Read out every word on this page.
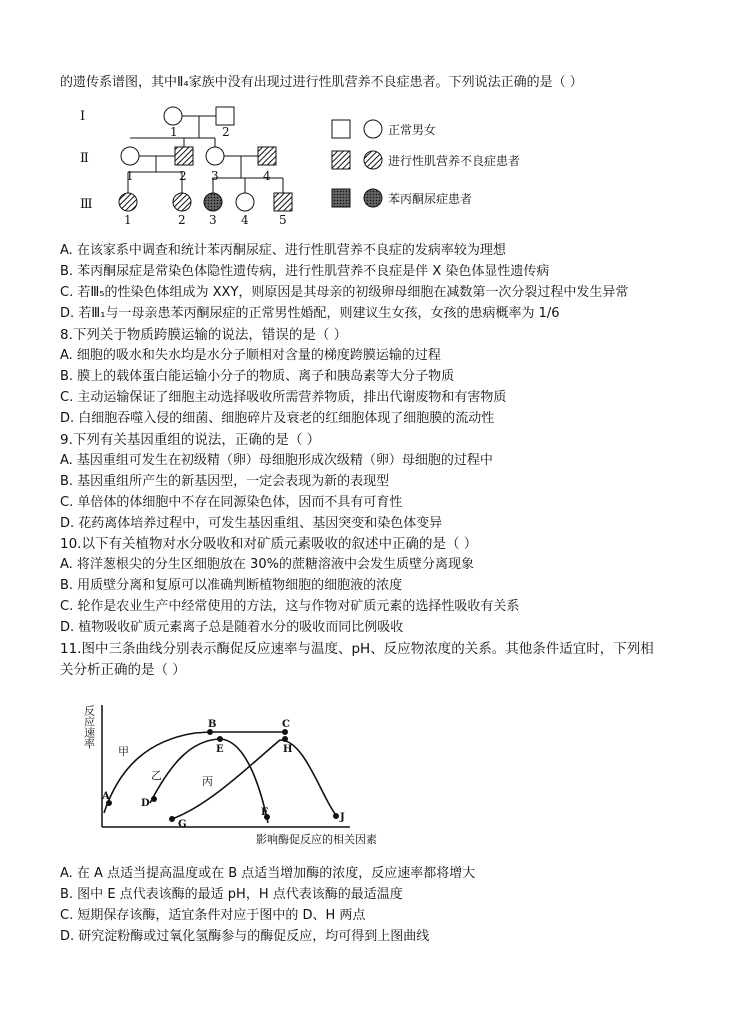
的遗传系谱图，其中Ⅱ₄家族中没有出现过进行性肌营养不良症患者。下列说法正确的是（ ）
Ⅰ
Ⅱ
Ⅲ
1	2
1	2 3	4
1	2 3 4	5
正常男女
进行性肌营养不良症患者
苯丙酮尿症患者
A. 在该家系中调查和统计苯丙酮尿症、进行性肌营养不良症的发病率较为理想
B. 苯丙酮尿症是常染色体隐性遗传病，进行性肌营养不良症是伴 X 染色体显性遗传病
C. 若Ⅲ₅的性染色体组成为 XXY，则原因是其母亲的初级卵母细胞在减数第一次分裂过程中发生异常
D. 若Ⅲ₁与一母亲患苯丙酮尿症的正常男性婚配，则建议生女孩，女孩的患病概率为 1/6
8.下列关于物质跨膜运输的说法，错误的是（ ）
A. 细胞的吸水和失水均是水分子顺相对含量的梯度跨膜运输的过程
B. 膜上的载体蛋白能运输小分子的物质、离子和胰岛素等大分子物质
C. 主动运输保证了细胞主动选择吸收所需营养物质，排出代谢废物和有害物质
D. 白细胞吞噬入侵的细菌、细胞碎片及衰老的红细胞体现了细胞膜的流动性
9.下列有关基因重组的说法，正确的是（ ）
A. 基因重组可发生在初级精（卵）母细胞形成次级精（卵）母细胞的过程中
B. 基因重组所产生的新基因型，一定会表现为新的表现型
C. 单倍体的体细胞中不存在同源染色体，因而不具有可育性
D. 花药离体培养过程中，可发生基因重组、基因突变和染色体变异
10.以下有关植物对水分吸收和对矿质元素吸收的叙述中正确的是（ ）
A. 将洋葱根尖的分生区细胞放在 30%的蔗糖溶液中会发生质壁分离现象
B. 用质壁分离和复原可以准确判断植物细胞的细胞液的浓度
C. 轮作是农业生产中经常使用的方法，这与作物对矿质元素的选择性吸收有关系
D. 植物吸收矿质元素离子总是随着水分的吸收而同比例吸收
11.图中三条曲线分别表示酶促反应速率与温度、pH、反应物浓度的关系。其他条件适宜时，下列相
关分析正确的是（ ）
反应速率
影响酶促反应的相关因素
A
B	C
D
E
F
G
H
J
甲
乙	丙
A. 在 A 点适当提高温度或在 B 点适当增加酶的浓度，反应速率都将增大
B. 图中 E 点代表该酶的最适 pH，H 点代表该酶的最适温度
C. 短期保存该酶，适宜条件对应于图中的 D、H 两点
D. 研究淀粉酶或过氧化氢酶参与的酶促反应，均可得到上图曲线
